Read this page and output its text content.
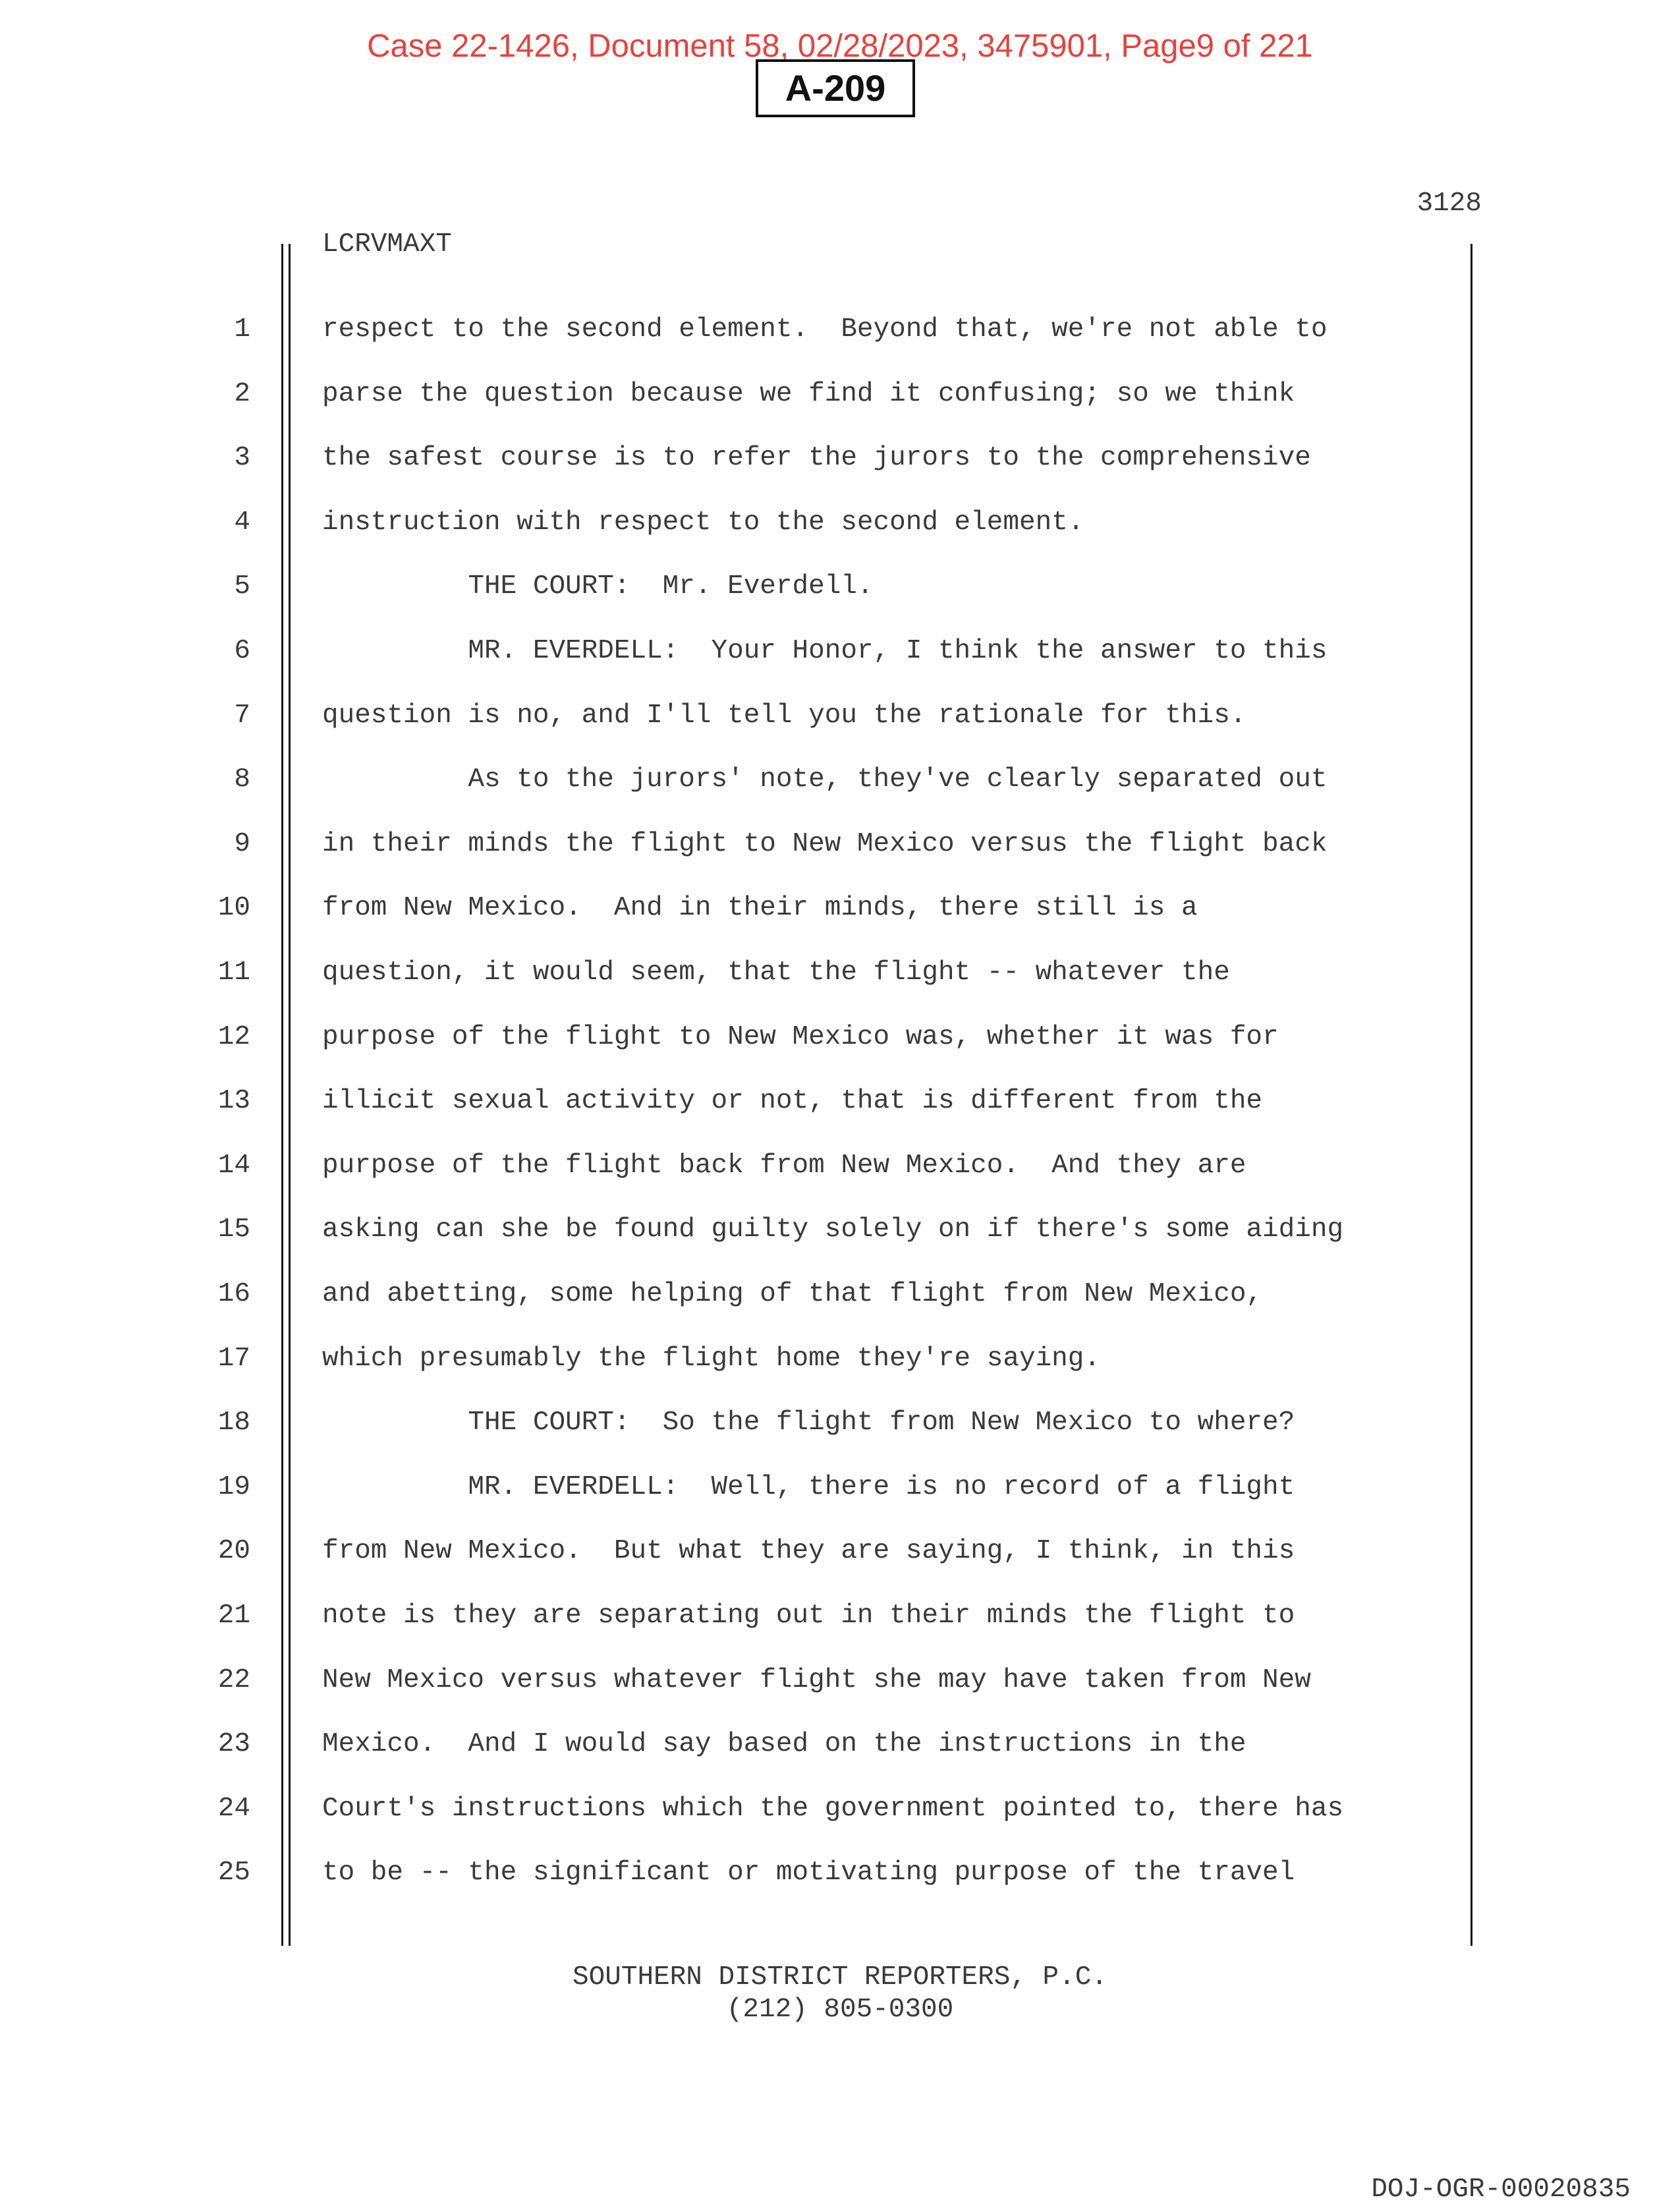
Case 22-1426, Document 58, 02/28/2023, 3475901, Page9 of 221
A-209
3128
LCRVMAXT
1	respect to the second element.  Beyond that, we're not able to
2	parse the question because we find it confusing; so we think
3	the safest course is to refer the jurors to the comprehensive
4	instruction with respect to the second element.
5	THE COURT:  Mr. Everdell.
6	MR. EVERDELL:  Your Honor, I think the answer to this
7	question is no, and I'll tell you the rationale for this.
8	As to the jurors' note, they've clearly separated out
9	in their minds the flight to New Mexico versus the flight back
10	from New Mexico.  And in their minds, there still is a
11	question, it would seem, that the flight -- whatever the
12	purpose of the flight to New Mexico was, whether it was for
13	illicit sexual activity or not, that is different from the
14	purpose of the flight back from New Mexico.  And they are
15	asking can she be found guilty solely on if there's some aiding
16	and abetting, some helping of that flight from New Mexico,
17	which presumably the flight home they're saying.
18	THE COURT:  So the flight from New Mexico to where?
19	MR. EVERDELL:  Well, there is no record of a flight
20	from New Mexico.  But what they are saying, I think, in this
21	note is they are separating out in their minds the flight to
22	New Mexico versus whatever flight she may have taken from New
23	Mexico.  And I would say based on the instructions in the
24	Court's instructions which the government pointed to, there has
25	to be -- the significant or motivating purpose of the travel
SOUTHERN DISTRICT REPORTERS, P.C.
(212) 805-0300
DOJ-OGR-00020835
